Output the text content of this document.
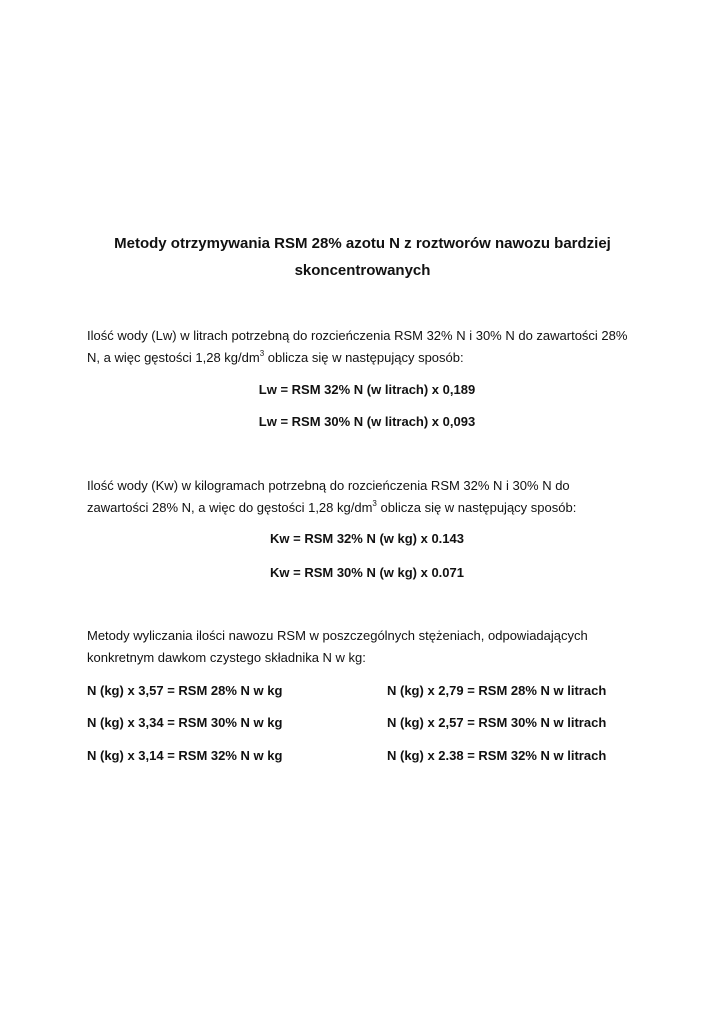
Metody otrzymywania RSM 28% azotu N z roztworów nawozu bardziej
skoncentrowanych
Ilość wody (Lw) w litrach potrzebną do rozcieńczenia RSM 32% N i 30% N do zawartości 28%
N, a więc gęstości 1,28 $kg/dm^3$ oblicza się w następujący sposób:
Lw = RSM 32% N (w litrach) x 0,189
Lw = RSM 30% N (w litrach) x 0,093
Ilość wody (Kw) w kilogramach potrzebną do rozcieńczenia RSM 32% N i 30% N do
zawartości 28% N, a więc do gęstości 1,28 $kg/dm^3$ oblicza się w następujący sposób:
Kw = RSM 32% N (w kg) x 0.143
Kw = RSM 30% N (w kg) x 0.071
Metody wyliczania ilości nawozu RSM w poszczególnych stężeniach, odpowiadających
konkretnym dawkom czystego składnika N w kg:
N (kg) x 3,57 = RSM 28% N w kg	N (kg) x 2,79 = RSM 28% N w litrach
N (kg) x 3,34 = RSM 30% N w kg	N (kg) x 2,57 = RSM 30% N w litrach
N (kg) x 3,14 = RSM 32% N w kg	N (kg) x 2.38 = RSM 32% N w litrach
